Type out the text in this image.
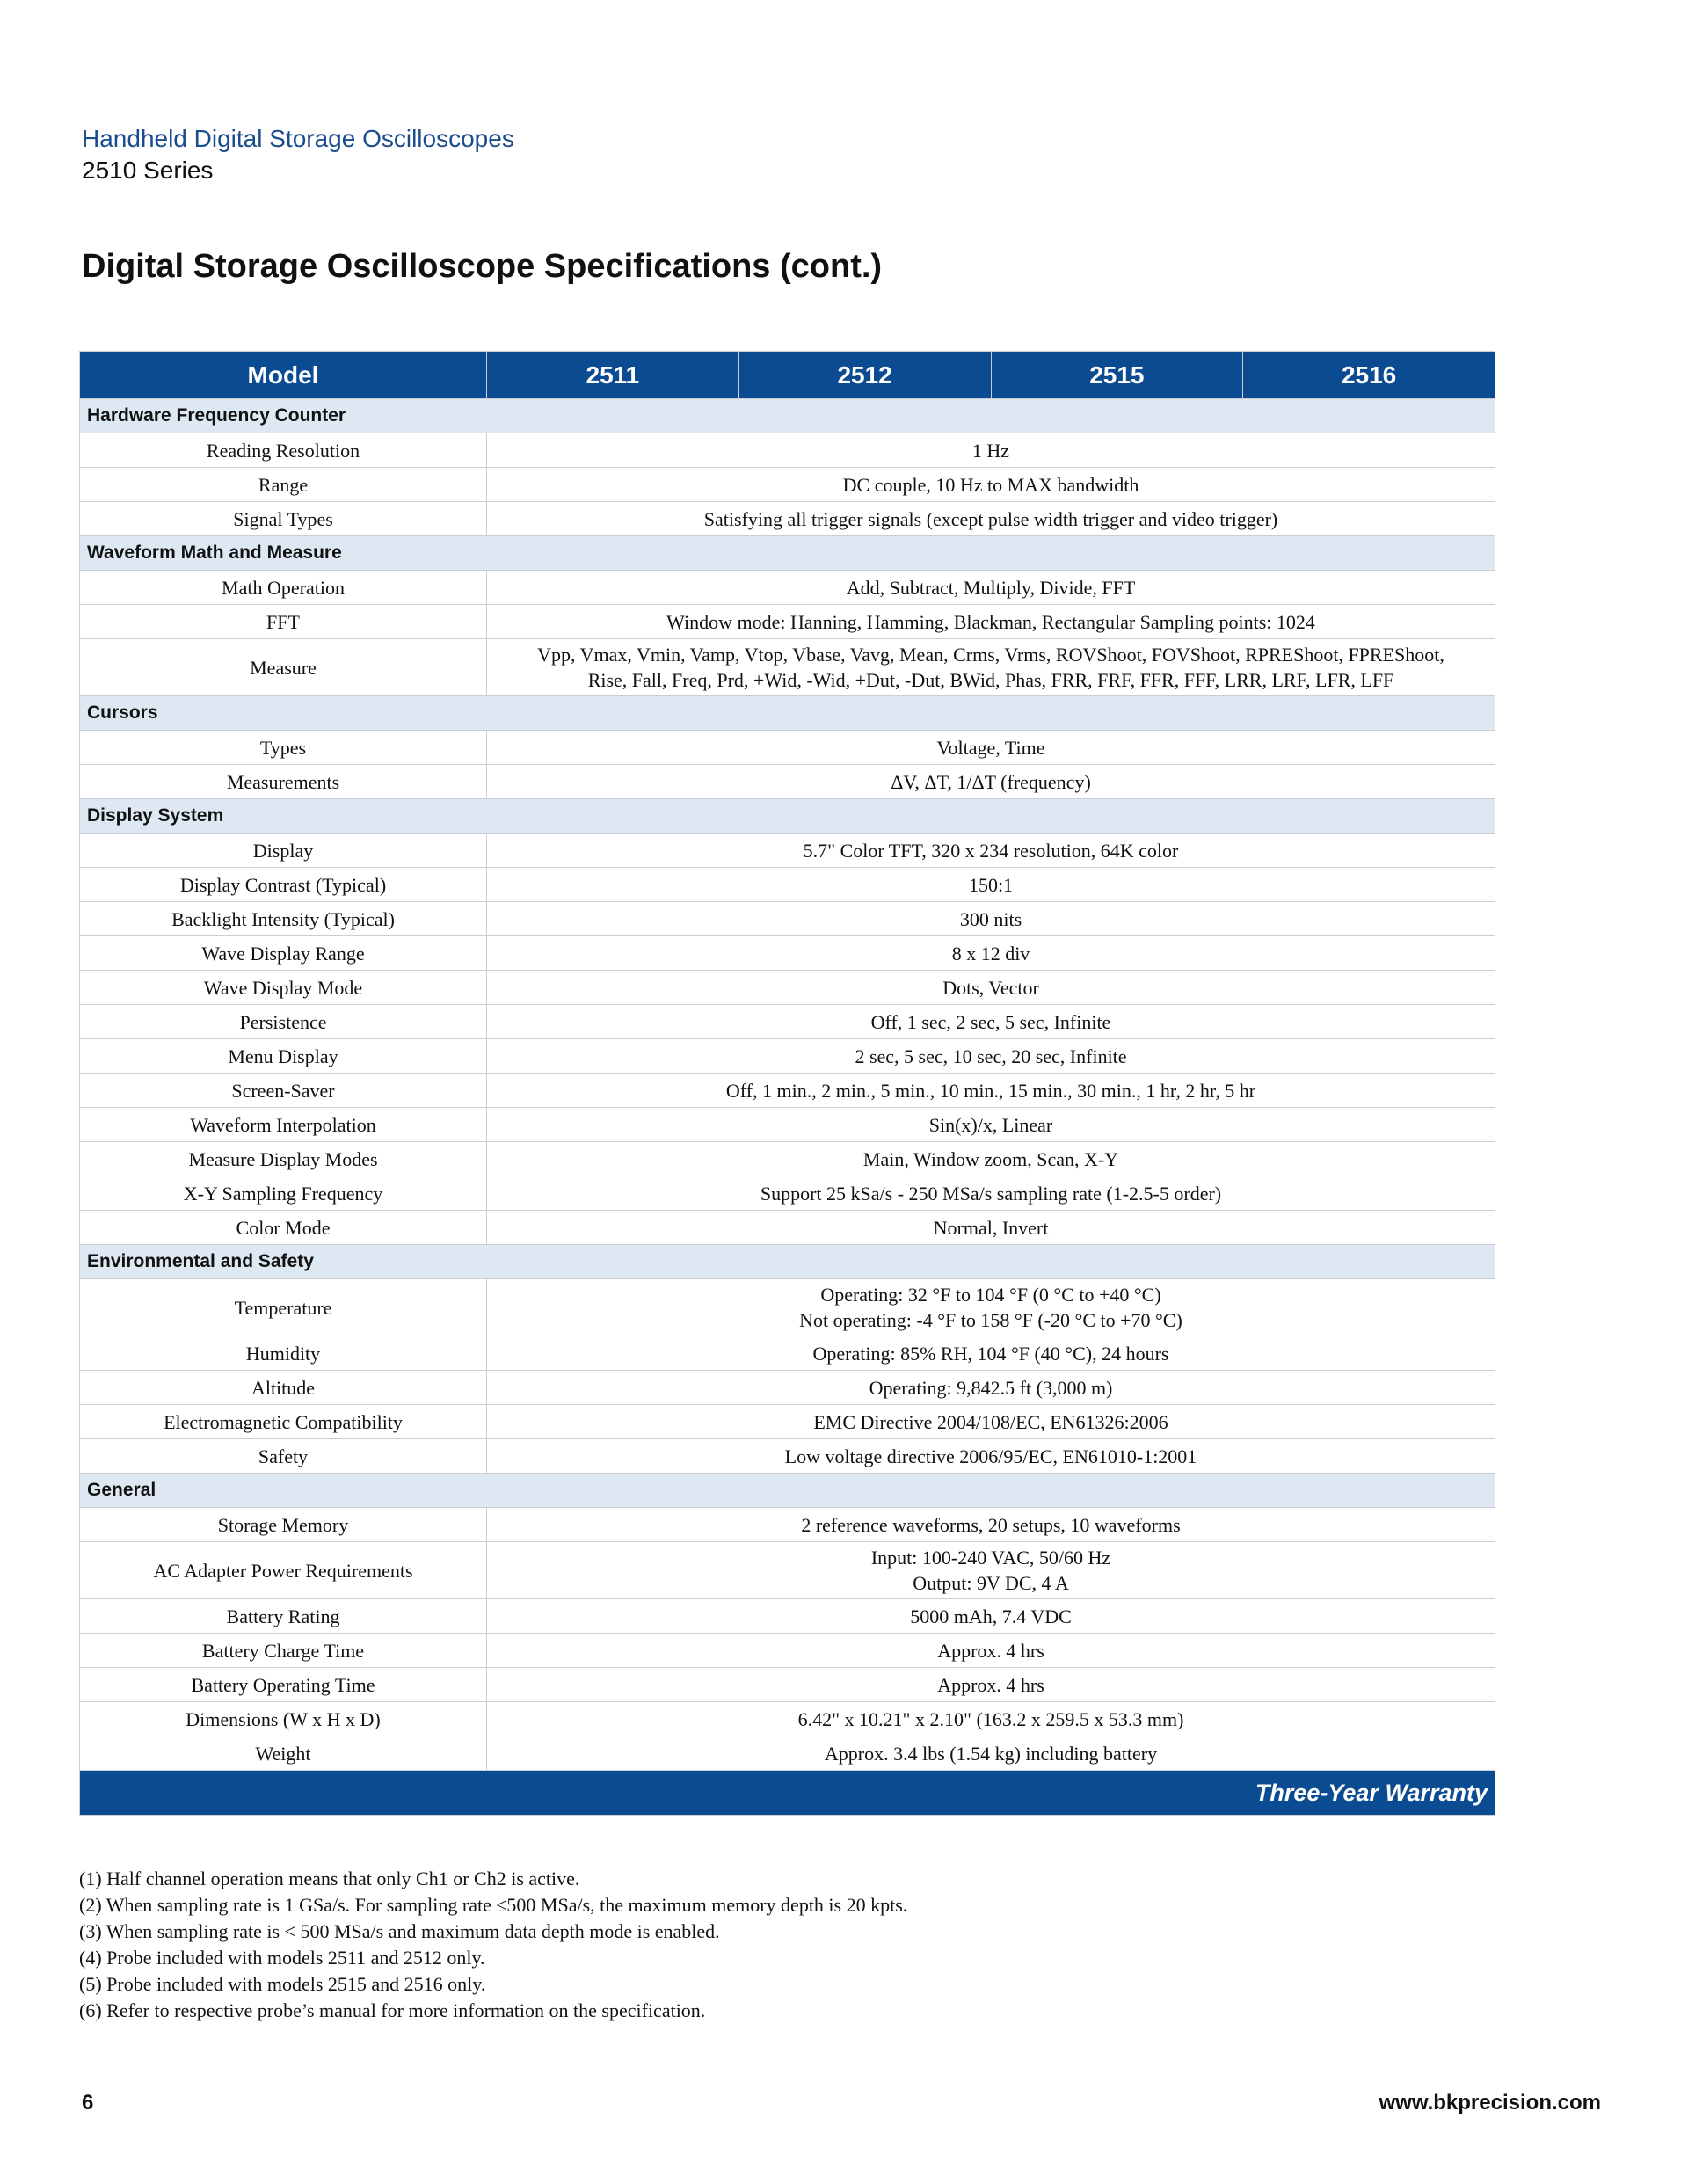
Handheld Digital Storage Oscilloscopes
2510 Series
Digital Storage Oscilloscope Specifications (cont.)
Model	2511	2512	2515	2516
Hardware Frequency Counter				
Reading Resolution	1 Hz			

Range	DC couple, 10 Hz to MAX bandwidth			

Signal Types	Satisfying all trigger signals (except pulse width trigger and video trigger)			

Waveform Math and Measure				
Math Operation	Add, Subtract, Multiply, Divide, FFT			

FFT	Window mode: Hanning, Hamming, Blackman, Rectangular Sampling points: 1024			

Measure	Vpp, Vmax, Vmin, Vamp, Vtop, Vbase, Vavg, Mean, Crms, Vrms, ROVShoot, FOVShoot, RPREShoot, FPREShoot,
Rise, Fall, Freq, Prd, +Wid, -Wid, +Dut, -Dut, BWid, Phas, FRR, FRF, FFR, FFF, LRR, LRF, LFR, LFF			

Cursors				
Types	Voltage, Time			

Measurements	ΔV, ΔT, 1/ΔT (frequency)			

Display System				
Display	5.7" Color TFT, 320 x 234 resolution, 64K color			

Display Contrast (Typical)	150:1			

Backlight Intensity (Typical)	300 nits			

Wave Display Range	8 x 12 div			

Wave Display Mode	Dots, Vector			

Persistence	Off, 1 sec, 2 sec, 5 sec, Infinite			

Menu Display	2 sec, 5 sec, 10 sec, 20 sec, Infinite			

Screen-Saver	Off, 1 min., 2 min., 5 min., 10 min., 15 min., 30 min., 1 hr, 2 hr, 5 hr			

Waveform Interpolation	Sin(x)/x, Linear			

Measure Display Modes	Main, Window zoom, Scan, X-Y			

X-Y Sampling Frequency	Support 25 kSa/s - 250 MSa/s sampling rate (1-2.5-5 order)			

Color Mode	Normal, Invert			

Environmental and Safety				
Temperature	Operating: 32 °F to 104 °F (0 °C to +40 °C)
Not operating: -4 °F to 158 °F (-20 °C to +70 °C)			

Humidity	Operating: 85% RH, 104 °F (40 °C), 24 hours			

Altitude	Operating: 9,842.5 ft (3,000 m)			

Electromagnetic Compatibility	EMC Directive 2004/108/EC, EN61326:2006			

Safety	Low voltage directive 2006/95/EC, EN61010-1:2001			

General				
Storage Memory	2 reference waveforms, 20 setups, 10 waveforms			

AC Adapter Power Requirements	Input: 100-240 VAC, 50/60 Hz
Output: 9V DC, 4 A			

Battery Rating	5000 mAh, 7.4 VDC			

Battery Charge Time	Approx. 4 hrs			

Battery Operating Time	Approx. 4 hrs			

Dimensions (W x H x D)	6.42" x 10.21" x 2.10" (163.2 x 259.5 x 53.3 mm)			

Weight	Approx. 3.4 lbs (1.54 kg) including battery			

Three-Year Warranty				
(1) Half channel operation means that only Ch1 or Ch2 is active.
(2) When sampling rate is 1 GSa/s. For sampling rate ≤500 MSa/s, the maximum memory depth is 20 kpts.
(3) When sampling rate is < 500 MSa/s and maximum data depth mode is enabled.
(4) Probe included with models 2511 and 2512 only.
(5) Probe included with models 2515 and 2516 only.
(6) Refer to respective probe’s manual for more information on the specification.
6	www.bkprecision.com
